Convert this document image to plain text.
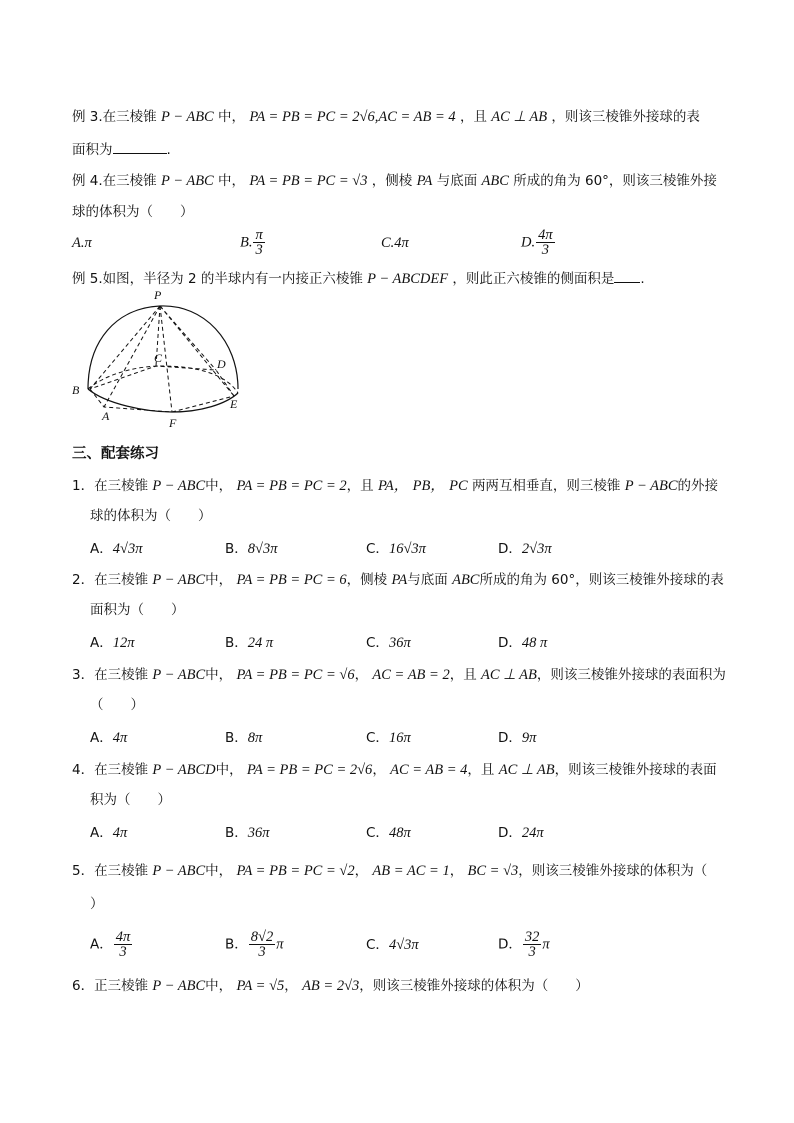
例 3.在三棱锥 P − ABC 中， PA = PB = PC = 2√6,AC = AB = 4 ，且 AC ⊥ AB ，则该三棱锥外接球的表
面积为	.
例 4.在三棱锥 P − ABC 中， PA = PB = PC = √3 ，侧棱 PA 与底面 ABC 所成的角为 60°，则该三棱锥外接
球的体积为（　　）
A.π	B. $\frac{\pi}{3}$	C.4π	D. $\frac{4\pi}{3}$
例 5.如图，半径为 2 的半球内有一内接正六棱锥 P − ABCDEF ，则此正六棱锥的侧面积是 .
P
C	D
B
E
A	F
三、配套练习
1．在三棱锥 P − ABC中， PA = PB = PC = 2，且 PA， PB， PC 两两互相垂直，则三棱锥 P − ABC的外接
球的体积为（　　）
A．4√3π	B．8√3π	C．16√3π	D．2√3π
2．在三棱锥 P − ABC中， PA = PB = PC = 6，侧棱 PA与底面 ABC所成的角为 60°，则该三棱锥外接球的表
面积为（　　）
A．12π	B．24 π	C．36π	D．48 π
3．在三棱锥 P − ABC中， PA = PB = PC = √6， AC = AB = 2，且 AC ⊥ AB，则该三棱锥外接球的表面积为
（　　）
A．4π	B．8π	C．16π	D．9π
4．在三棱锥 P − ABCD中， PA = PB = PC = 2√6， AC = AB = 4，且 AC ⊥ AB，则该三棱锥外接球的表面
积为（　　）
A．4π	B．36π	C．48π	D．24π
5．在三棱锥 P − ABC中， PA = PB = PC = √2， AB = AC = 1， BC = √3，则该三棱锥外接球的体积为（
）
A． $\frac{4\pi}{3}$	B． $\frac{8√2}{3}$ π	C．4√3π	D． $\frac{32}{3}$ π
6．正三棱锥 P − ABC中， PA = √5， AB = 2√3，则该三棱锥外接球的体积为（　　）
